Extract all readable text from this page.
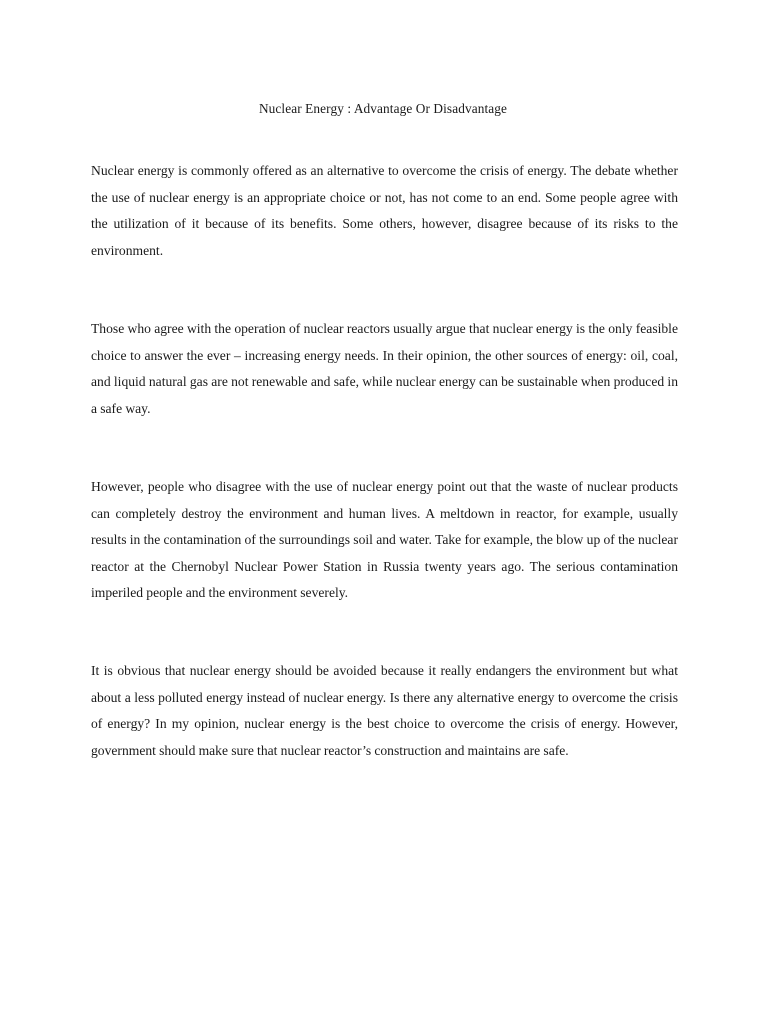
Nuclear Energy : Advantage Or Disadvantage

Nuclear energy is commonly offered as an alternative to overcome the crisis of energy. The debate whether the use of nuclear energy is an appropriate choice or not, has not come to an end. Some people agree with the utilization of it because of its benefits. Some others, however, disagree because of its risks to the environment.

Those who agree with the operation of nuclear reactors usually argue that nuclear energy is the only feasible choice to answer the ever – increasing energy needs. In their opinion, the other sources of energy: oil, coal, and liquid natural gas are not renewable and safe, while nuclear energy can be sustainable when produced in a safe way.

However, people who disagree with the use of nuclear energy point out that the waste of nuclear products can completely destroy the environment and human lives. A meltdown in reactor, for example, usually results in the contamination of the surroundings soil and water. Take for example, the blow up of the nuclear reactor at the Chernobyl Nuclear Power Station in Russia twenty years ago. The serious contamination imperiled people and the environment severely.

It is obvious that nuclear energy should be avoided because it really endangers the environment but what about a less polluted energy instead of nuclear energy. Is there any alternative energy to overcome the crisis of energy? In my opinion, nuclear energy is the best choice to overcome the crisis of energy. However, government should make sure that nuclear reactor’s construction and maintains are safe.
